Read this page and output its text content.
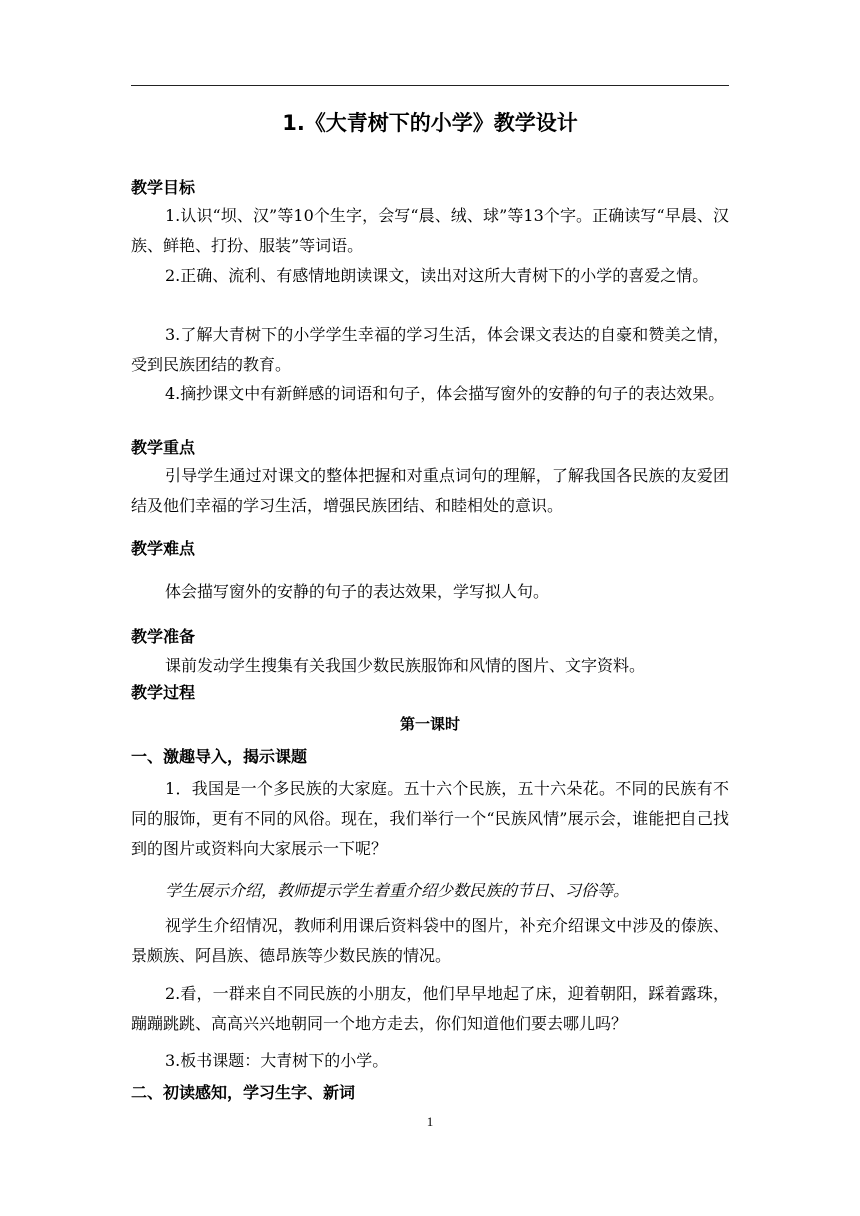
1.《大青树下的小学》教学设计
教学目标
1.认识“坝、汉”等10个生字，会写“晨、绒、球”等13个字。正确读写“早晨、汉族、鲜艳、打扮、服装”等词语。
2.正确、流利、有感情地朗读课文，读出对这所大青树下的小学的喜爱之情。
3.了解大青树下的小学学生幸福的学习生活，体会课文表达的自豪和赞美之情，受到民族团结的教育。
4.摘抄课文中有新鲜感的词语和句子，体会描写窗外的安静的句子的表达效果。
教学重点
引导学生通过对课文的整体把握和对重点词句的理解，了解我国各民族的友爱团结及他们幸福的学习生活，增强民族团结、和睦相处的意识。
教学难点
体会描写窗外的安静的句子的表达效果，学写拟人句。
教学准备
课前发动学生搜集有关我国少数民族服饰和风情的图片、文字资料。
教学过程
第一课时
一、激趣导入，揭示课题
1．我国是一个多民族的大家庭。五十六个民族，五十六朵花。不同的民族有不同的服饰，更有不同的风俗。现在，我们举行一个“民族风情”展示会，谁能把自己找到的图片或资料向大家展示一下呢？
学生展示介绍，教师提示学生着重介绍少数民族的节日、习俗等。
视学生介绍情况，教师利用课后资料袋中的图片，补充介绍课文中涉及的傣族、景颇族、阿昌族、德昂族等少数民族的情况。
2.看，一群来自不同民族的小朋友，他们早早地起了床，迎着朝阳，踩着露珠，蹦蹦跳跳、高高兴兴地朝同一个地方走去，你们知道他们要去哪儿吗？
3.板书课题：大青树下的小学。
二、初读感知，学习生字、新词
1
